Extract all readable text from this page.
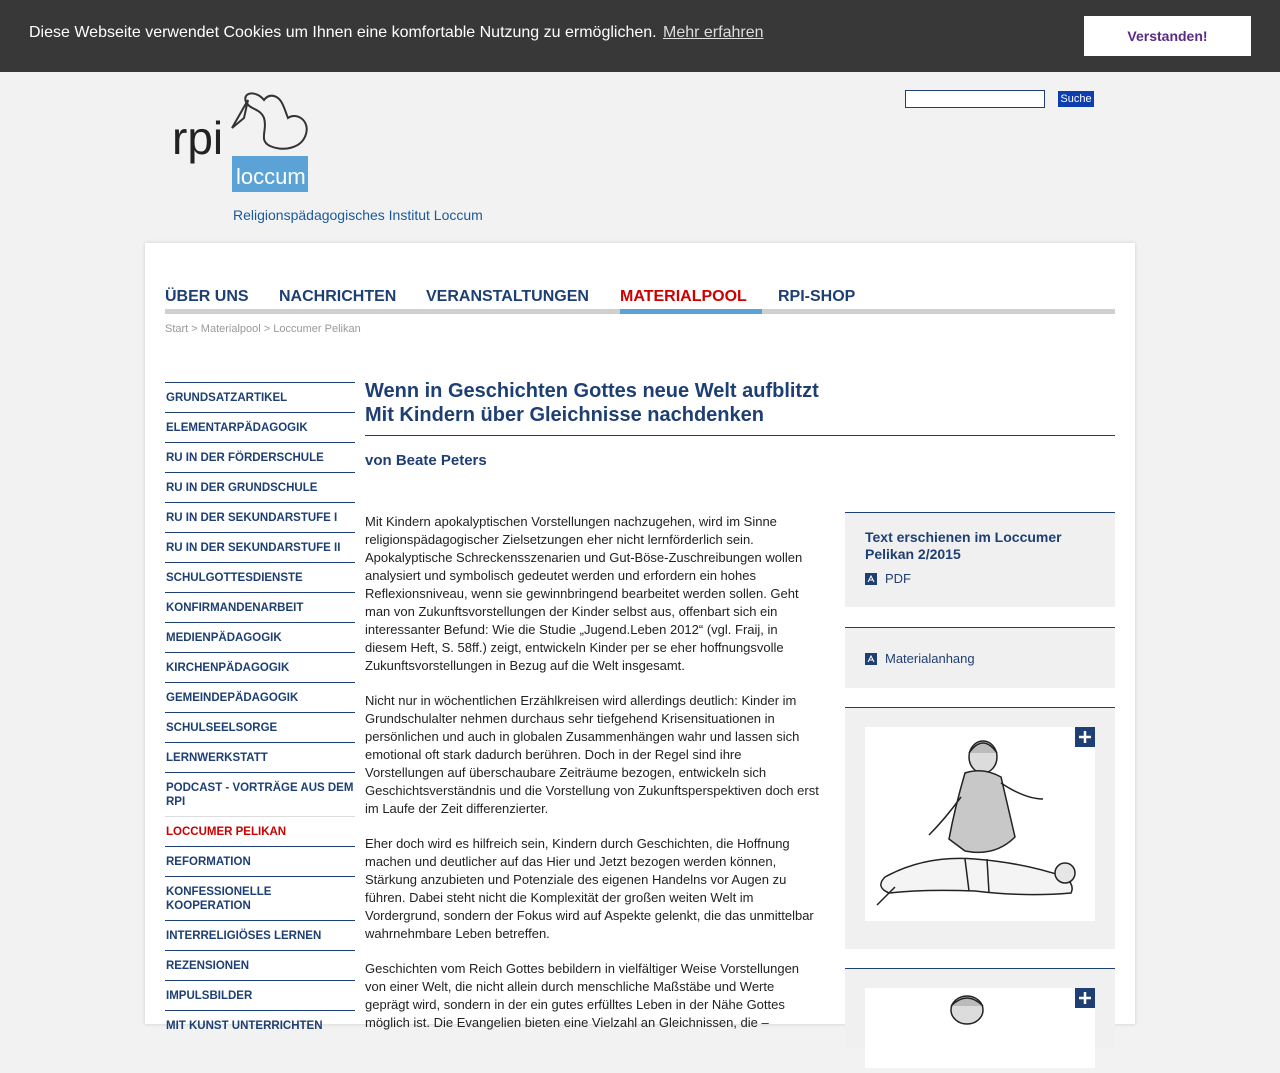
Diese Webseite verwendet Cookies um Ihnen eine komfortable Nutzung zu ermöglichen. Mehr erfahren	Verstanden!
rpi
loccum
Religionspädagogisches Institut Loccum
Suche
ÜBER UNS NACHRICHTEN VERANSTALTUNGEN MATERIALPOOL	RPI-SHOP
Start > Materialpool > Loccumer Pelikan
GRUNDSATZARTIKEL
ELEMENTARPÄDAGOGIK
RU IN DER FÖRDERSCHULE
RU IN DER GRUNDSCHULE
RU IN DER SEKUNDARSTUFE I
RU IN DER SEKUNDARSTUFE II
SCHULGOTTESDIENSTE
KONFIRMANDENARBEIT
MEDIENPÄDAGOGIK
KIRCHENPÄDAGOGIK
GEMEINDEPÄDAGOGIK
SCHULSEELSORGE
LERNWERKSTATT
PODCAST - VORTRÄGE AUS DEM RPI
LOCCUMER PELIKAN
REFORMATION
KONFESSIONELLE KOOPERATION
INTERRELIGIÖSES LERNEN
REZENSIONEN
IMPULSBILDER
MIT KUNST UNTERRICHTEN
Wenn in Geschichten Gottes neue Welt aufblitzt
Mit Kindern über Gleichnisse nachdenken
von Beate Peters

Mit Kindern apokalyptischen Vorstellungen nachzugehen, wird im Sinne religionspädagogischer Zielsetzungen eher nicht lernförderlich sein. Apokalyptische Schreckensszenarien und Gut-Böse-Zuschreibungen wollen analysiert und symbolisch gedeutet werden und erfordern ein hohes Reflexionsniveau, wenn sie gewinnbringend bearbeitet werden sollen. Geht man von Zukunftsvorstellungen der Kinder selbst aus, offenbart sich ein interessanter Befund: Wie die Studie „Jugend.Leben 2012“ (vgl. Fraij, in diesem Heft, S. 58ff.) zeigt, entwickeln Kinder per se eher hoffnungsvolle Zukunftsvorstellungen in Bezug auf die Welt insgesamt.

Nicht nur in wöchentlichen Erzählkreisen wird allerdings deutlich: Kinder im Grundschulalter nehmen durchaus sehr tiefgehend Krisensituationen in persönlichen und auch in globalen Zusammenhängen wahr und lassen sich emotional oft stark dadurch berühren. Doch in der Regel sind ihre Vorstellungen auf überschaubare Zeiträume bezogen, entwickeln sich Geschichtsverständnis und die Vorstellung von Zukunftsperspektiven doch erst im Laufe der Zeit differenzierter.

Eher doch wird es hilfreich sein, Kindern durch Geschichten, die Hoffnung machen und deutlicher auf das Hier und Jetzt bezogen werden können, Stärkung anzubieten und Potenziale des eigenen Handelns vor Augen zu führen. Dabei steht nicht die Komplexität der großen weiten Welt im Vordergrund, sondern der Fokus wird auf Aspekte gelenkt, die das unmittelbar wahrnehmbare Leben betreffen.

Geschichten vom Reich Gottes bebildern in vielfältiger Weise Vorstellungen von einer Welt, die nicht allein durch menschliche Maßstäbe und Werte geprägt wird, sondern in der ein gutes erfülltes Leben in der Nähe Gottes möglich ist. Die Evangelien bieten eine Vielzahl an Gleichnissen, die –

Text erschienen im Loccumer Pelikan 2/2015
PDF
Materialanhang
